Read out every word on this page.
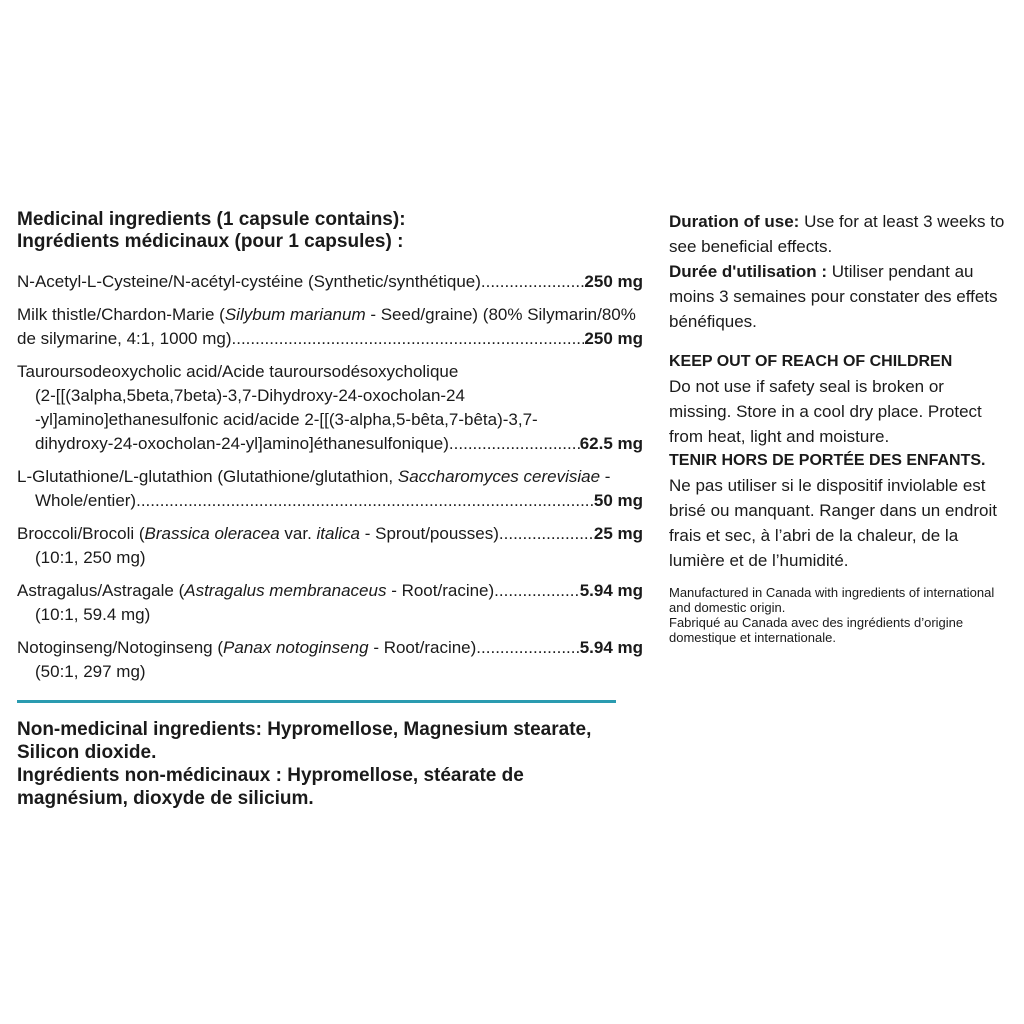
Medicinal ingredients (1 capsule contains):

Ingrédients médicinaux (pour 1 capsules) :

N-Acetyl-L-Cysteine/N-acétyl-cystéine (Synthetic/synthétique) .....	250 mg
Milk thistle/Chardon-Marie (Silybum marianum - Seed/graine) (80% Silymarin/80%
de silymarine, 4:1, 1000 mg) .....	250 mg
Tauroursodeoxycholic acid/Acide tauroursodésoxycholique
(2-[[(3alpha,5beta,7beta)-3,7-Dihydroxy-24-oxocholan-24
-yl]amino]ethanesulfonic acid/acide 2-[[(3-alpha,5-bêta,7-bêta)-3,7-
dihydroxy-24-oxocholan-24-yl]amino]éthanesulfonique) .....	62.5 mg
L-Glutathione/L-glutathion (Glutathione/glutathion, Saccharomyces cerevisiae -
Whole/entier) .....	50 mg
Broccoli/Brocoli (Brassica oleracea var. italica - Sprout/pousses) .....	25 mg
(10:1, 250 mg)
Astragalus/Astragale (Astragalus membranaceus - Root/racine) .....	5.94 mg
(10:1, 59.4 mg)
Notoginseng/Notoginseng (Panax notoginseng - Root/racine) .....	5.94 mg
(50:1, 297 mg)

Non-medicinal ingredients: Hypromellose, Magnesium stearate, Silicon dioxide.

Ingrédients non-médicinaux : Hypromellose, stéarate de magnésium, dioxyde de silicium.

Duration of use: Use for at least 3 weeks to see beneficial effects.

Durée d'utilisation : Utiliser pendant au moins 3 semaines pour constater des effets bénéfiques.

KEEP OUT OF REACH OF CHILDREN

Do not use if safety seal is broken or missing. Store in a cool dry place. Protect from heat, light and moisture.

TENIR HORS DE PORTÉE DES ENFANTS.

Ne pas utiliser si le dispositif inviolable est brisé ou manquant. Ranger dans un endroit frais et sec, à l’abri de la chaleur, de la lumière et de l’humidité.

Manufactured in Canada with ingredients of international and domestic origin.

Fabriqué au Canada avec des ingrédients d’origine domestique et internationale.
